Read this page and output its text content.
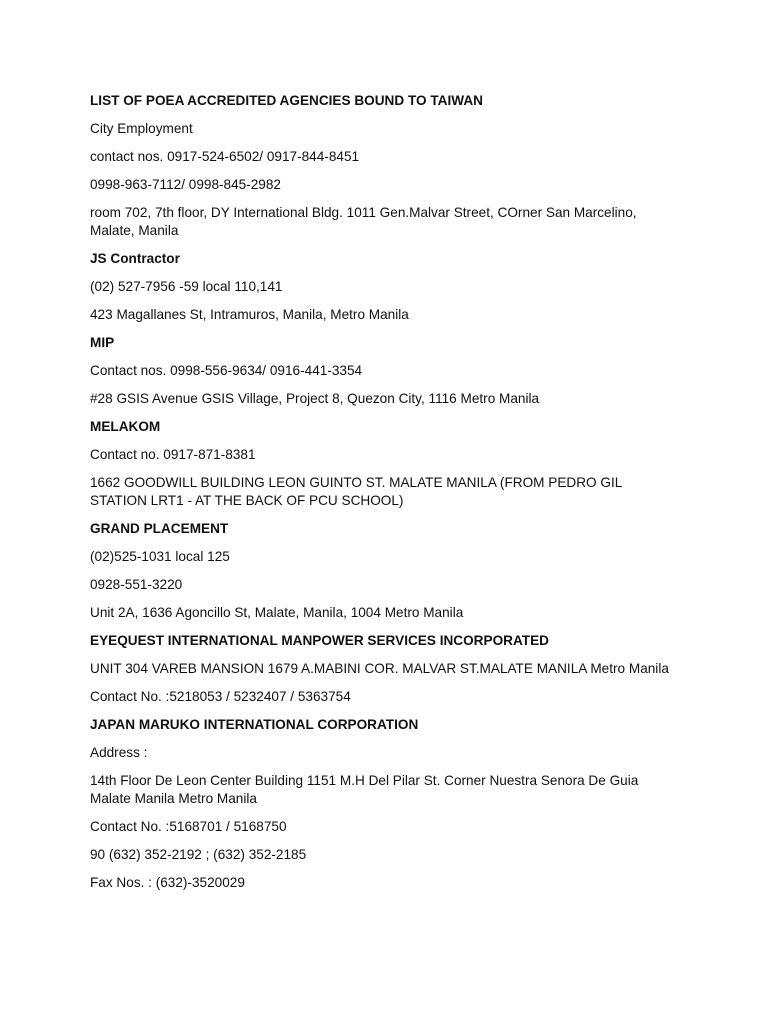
LIST OF POEA ACCREDITED AGENCIES BOUND TO TAIWAN

City Employment

contact nos. 0917-524-6502/ 0917-844-8451

0998-963-7112/ 0998-845-2982

room 702, 7th floor, DY International Bldg. 1011 Gen.Malvar Street, COrner San Marcelino, Malate, Manila

JS Contractor

(02) 527-7956 -59 local 110,141

423 Magallanes St, Intramuros, Manila, Metro Manila

MIP

Contact nos. 0998-556-9634/ 0916-441-3354

#28 GSIS Avenue GSIS Village, Project 8, Quezon City, 1116 Metro Manila

MELAKOM

Contact no. 0917-871-8381

1662 GOODWILL BUILDING LEON GUINTO ST. MALATE MANILA (FROM PEDRO GIL STATION LRT1 - AT THE BACK OF PCU SCHOOL)

GRAND PLACEMENT

(02)525-1031 local 125

0928-551-3220

Unit 2A, 1636 Agoncillo St, Malate, Manila, 1004 Metro Manila

EYEQUEST INTERNATIONAL MANPOWER SERVICES INCORPORATED

UNIT 304 VAREB MANSION 1679 A.MABINI COR. MALVAR ST.MALATE MANILA Metro Manila

Contact No. :5218053 / 5232407 / 5363754

JAPAN MARUKO INTERNATIONAL CORPORATION

Address :

14th Floor De Leon Center Building 1151 M.H Del Pilar St. Corner Nuestra Senora De Guia Malate Manila Metro Manila

Contact No. :5168701 / 5168750

90 (632) 352-2192 ; (632) 352-2185

Fax Nos. : (632)-3520029
